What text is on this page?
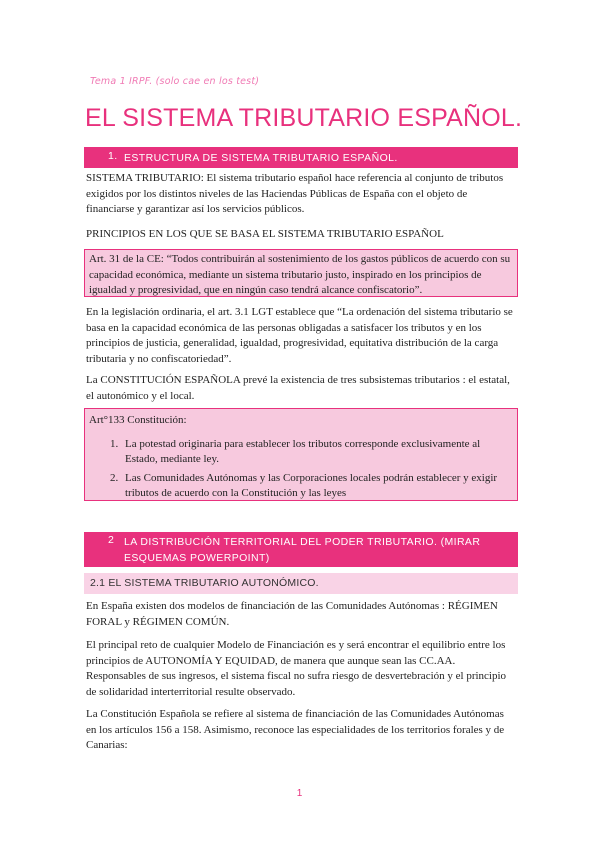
Tema 1 IRPF. (solo cae en los test)
EL SISTEMA TRIBUTARIO ESPAÑOL.
1. ESTRUCTURA DE SISTEMA TRIBUTARIO ESPAÑOL.
SISTEMA TRIBUTARIO: El sistema tributario español hace referencia al conjunto de tributos exigidos por los distintos niveles de las Haciendas Públicas de España con el objeto de financiarse y garantizar así los servicios públicos.
PRINCIPIOS EN LOS QUE SE BASA EL SISTEMA TRIBUTARIO ESPAÑOL
Art. 31 de la CE: “Todos contribuirán al sostenimiento de los gastos públicos de acuerdo con su capacidad económica, mediante un sistema tributario justo, inspirado en los principios de igualdad y progresividad, que en ningún caso tendrá alcance confiscatorio”.
En la legislación ordinaria, el art. 3.1 LGT establece que “La ordenación del sistema tributario se basa en la capacidad económica de las personas obligadas a satisfacer los tributos y en los principios de justicia, generalidad, igualdad, progresividad, equitativa distribución de la carga tributaria y no confiscatoriedad”.
La CONSTITUCIÓN ESPAÑOLA prevé la existencia de tres subsistemas tributarios : el estatal, el autonómico y el local.
Art°133 Constitución:
1. La potestad originaria para establecer los tributos corresponde exclusivamente al Estado, mediante ley.
2. Las Comunidades Autónomas y las Corporaciones locales podrán establecer y exigir tributos de acuerdo con la Constitución y las leyes
2 LA DISTRIBUCIÓN TERRITORIAL DEL PODER TRIBUTARIO. (MIRAR ESQUEMAS POWERPOINT)
2.1 EL SISTEMA TRIBUTARIO AUTONÓMICO.
En España existen dos modelos de financiación de las Comunidades Autónomas : RÉGIMEN FORAL y RÉGIMEN COMÚN.
El principal reto de cualquier Modelo de Financiación es y será encontrar el equilibrio entre los principios de AUTONOMÍA Y EQUIDAD, de manera que aunque sean las CC.AA.
Responsables de sus ingresos, el sistema fiscal no sufra riesgo de desvertebración y el principio de solidaridad interterritorial resulte observado.
La Constitución Española se refiere al sistema de financiación de las Comunidades Autónomas en los artículos 156 a 158. Asimismo, reconoce las especialidades de los territorios forales y de Canarias:
1
